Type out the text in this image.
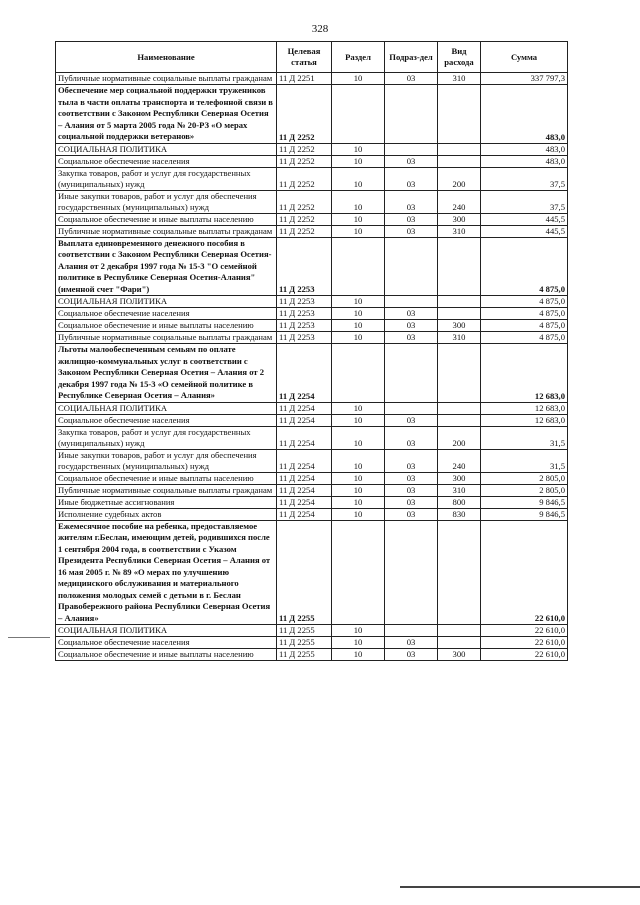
328
Наименование	Целевая статья	Раздел	Подраз-дел	Вид расхода	Сумма
Публичные нормативные социальные выплаты гражданам	11 Д 2251	10	03	310	337 797,3
Обеспечение мер социальной поддержки тружеников тыла в части оплаты транспорта и телефонной связи в соответствии с Законом Республики Северная Осетия – Алания от 5 марта 2005 года № 20-РЗ «О мерах социальной поддержки ветеранов»	11 Д 2252				483,0
СОЦИАЛЬНАЯ ПОЛИТИКА	11 Д 2252	10			483,0
Социальное обеспечение населения	11 Д 2252	10	03		483,0
Закупка товаров, работ и услуг для государственных (муниципальных) нужд	11 Д 2252	10	03	200	37,5
Иные закупки товаров, работ и услуг для обеспечения государственных (муниципальных) нужд	11 Д 2252	10	03	240	37,5
Социальное обеспечение и иные выплаты населению	11 Д 2252	10	03	300	445,5
Публичные нормативные социальные выплаты гражданам	11 Д 2252	10	03	310	445,5
Выплата единовременного денежного пособия в соответствии с Законом Республики Северная Осетия-Алания от 2 декабря 1997 года № 15-3 "О семейной политике в Республике Северная Осетия-Алания" (именной счет "Фари")	11 Д 2253				4 875,0
СОЦИАЛЬНАЯ ПОЛИТИКА	11 Д 2253	10			4 875,0
Социальное обеспечение населения	11 Д 2253	10	03		4 875,0
Социальное обеспечение и иные выплаты населению	11 Д 2253	10	03	300	4 875,0
Публичные нормативные социальные выплаты гражданам	11 Д 2253	10	03	310	4 875,0
Льготы малообеспеченным семьям по оплате жилищно-коммунальных услуг в соответствии с Законом Республики Северная Осетия – Алания от 2 декабря 1997 года № 15-3 «О семейной политике в Республике Северная Осетия – Алания»	11 Д 2254				12 683,0
СОЦИАЛЬНАЯ ПОЛИТИКА	11 Д 2254	10			12 683,0
Социальное обеспечение населения	11 Д 2254	10	03		12 683,0
Закупка товаров, работ и услуг для государственных (муниципальных) нужд	11 Д 2254	10	03	200	31,5
Иные закупки товаров, работ и услуг для обеспечения государственных (муниципальных) нужд	11 Д 2254	10	03	240	31,5
Социальное обеспечение и иные выплаты населению	11 Д 2254	10	03	300	2 805,0
Публичные нормативные социальные выплаты гражданам	11 Д 2254	10	03	310	2 805,0
Иные бюджетные ассигнования	11 Д 2254	10	03	800	9 846,5
Исполнение судебных актов	11 Д 2254	10	03	830	9 846,5
Ежемесячное пособие на ребенка, предоставляемое жителям г.Беслан, имеющим детей, родившихся после 1 сентября 2004 года, в соответствии с Указом Президента Республики Северная Осетия – Алания от 16 мая 2005 г. № 89 «О мерах по улучшению медицинского обслуживания и материального положения молодых семей с детьми в г. Беслан Правобережного района Республики Северная Осетия – Алания»	11 Д 2255				22 610,0
СОЦИАЛЬНАЯ ПОЛИТИКА	11 Д 2255	10			22 610,0
Социальное обеспечение населения	11 Д 2255	10	03		22 610,0
Социальное обеспечение и иные выплаты населению	11 Д 2255	10	03	300	22 610,0
